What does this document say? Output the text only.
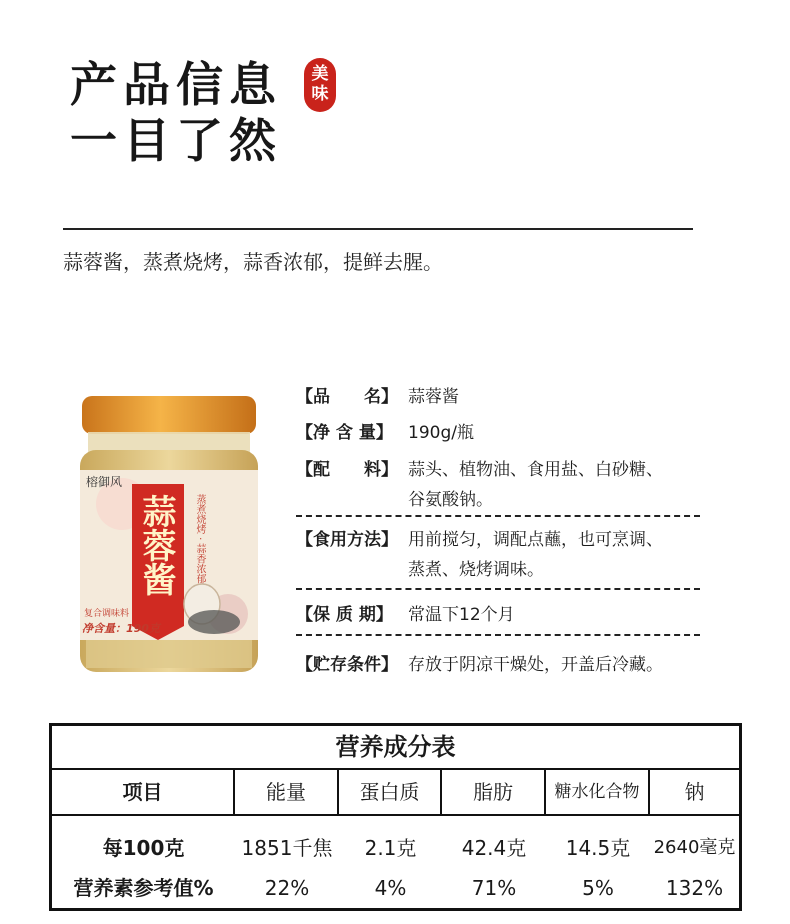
产品信息
一目了然
美
味
蒜蓉酱，蒸煮烧烤，蒜香浓郁，提鲜去腥。
榕御风
蒜蓉酱 蒸煮烧烤 · 蒜香浓郁
复合调味料
净含量：190克
【品　　名】 蒜蓉酱
【净 含 量】 190g/瓶
【配　　料】 蒜头、植物油、食用盐、白砂糖、
谷氨酸钠。
【食用方法】 用前搅匀，调配点蘸，也可烹调、
蒸煮、烧烤调味。
【保 质 期】 常温下12个月
【贮存条件】 存放于阴凉干燥处，开盖后冷藏。
营养成分表
项目	能量	蛋白质	脂肪	糖水化合物	钠
每100克	1851千焦	2.1克	42.4克	14.5克	2640毫克
营养素参考值%	22%	4%	71%	5%	132%
